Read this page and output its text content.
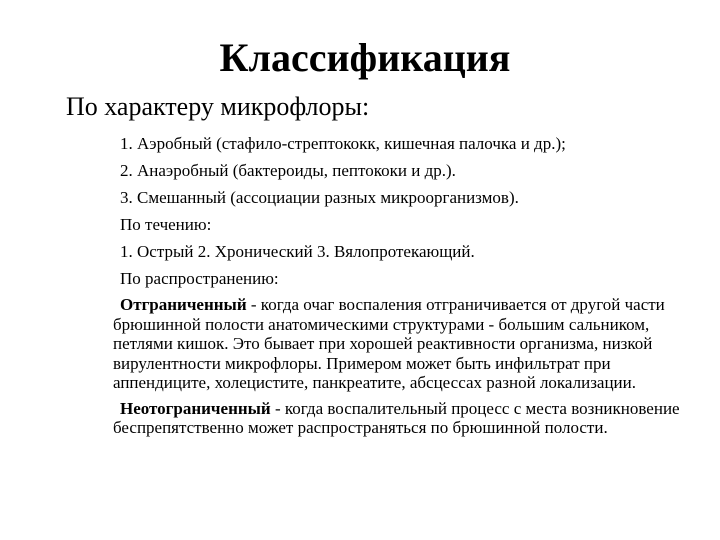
Классификация
По характеру микрофлоры:
1. Аэробный (стафило-стрептококк, кишечная палочка и др.);
2. Анаэробный (бактероиды, пептококи и др.).
3. Смешанный (ассоциации разных микроорганизмов).
По течению:
1. Острый 2. Хронический 3. Вялопротекающий.
По распространению:
Отграниченный - когда очаг воспаления отграничивается от другой части брюшинной полости анатомическими структурами - большим сальником, петлями кишок. Это бывает при хорошей реактивности организма, низкой вирулентности микрофлоры. Примером может быть инфильтрат при аппендиците, холецистите, панкреатите, абсцессах разной локализации.
Неотограниченный - когда воспалительный процесс с места возникновение беспрепятственно может распространяться по брюшинной полости.
